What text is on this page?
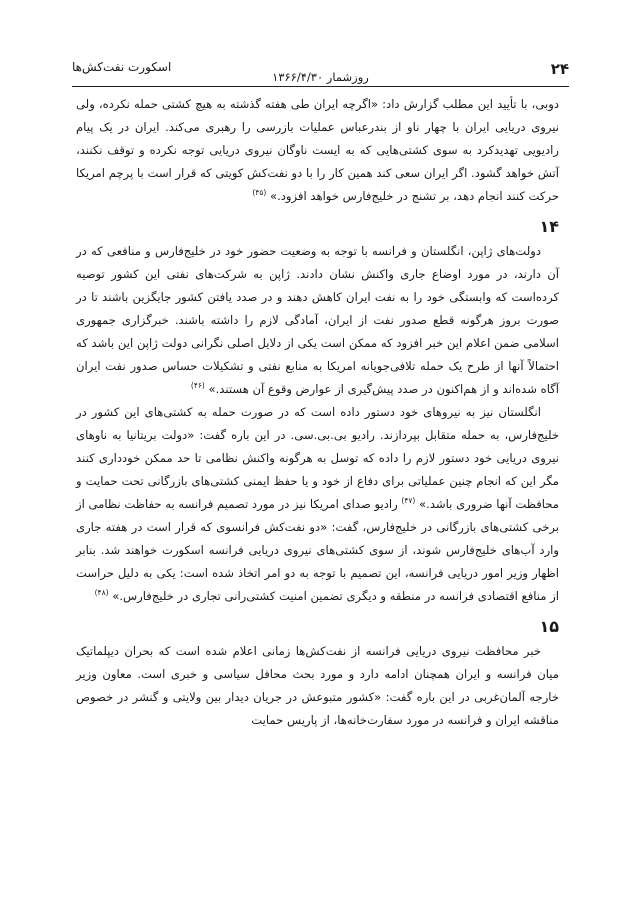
۲۴
روزشمار ۱۳۶۶/۴/۳۰
اسکورت نفت‌کش‌ها

دوبی، با تأیید این مطلب گزارش داد: «اگرچه ایران طی هفته گذشته به هیچ کشتی حمله نکرده، ولی نیروی دریایی ایران با چهار ناو از بندرعباس عملیات بازرسی را رهبری می‌کند. ایران در یک پیام رادیویی تهدیدکرد به سوی کشتی‌هایی که به ایست ناوگان نیروی دریایی توجه نکرده و توقف نکنند، آتش خواهد گشود. اگر ایران سعی کند همین کار را با دو نفت‌کش کویتی که قرار است با پرچم امریکا حرکت کنند انجام دهد، بر تشنج در خلیج‌فارس خواهد افزود.» $^{(۴۵)}$

۱۴

دولت‌های ژاپن، انگلستان و فرانسه با توجه به وضعیت حضور خود در خلیج‌فارس و منافعی که در آن دارند، در مورد اوضاع جاری واکنش نشان دادند. ژاپن به شرکت‌های نفتی این کشور توصیه کرده‌است که وابستگی خود را به نفت ایران کاهش دهند و در صدد یافتن کشور جایگزین باشند تا در صورت بروز هرگونه قطع صدور نفت از ایران، آمادگی لازم را داشته باشند. خبرگزاری جمهوری اسلامی ضمن اعلام این خبر افزود که ممکن است یکی از دلایل اصلی نگرانی دولت ژاپن این باشد که احتمالاً آنها از طرح یک حمله تلافی‌جویانه امریکا به منابع نفتی و تشکیلات حساس صدور نفت ایران آگاه شده‌اند و از هم‌اکنون در صدد پیش‌گیری از عوارض وقوع آن هستند.» $^{(۴۶)}$

انگلستان نیز به نیروهای خود دستور داده است که در صورت حمله به کشتی‌های این کشور در خلیج‌فارس، به حمله متقابل بپردازند. رادیو بی.بی.سی. در این باره گفت: «دولت بریتانیا به ناوهای نیروی دریایی خود دستور لازم را داده که توسل به هرگونه واکنش نظامی تا حد ممکن خودداری کنند مگر این که انجام چنین عملیاتی برای دفاع از خود و یا حفظ ایمنی کشتی‌های بازرگانی تحت حمایت و محافظت آنها ضروری باشد.» $^{(۴۷)}$ رادیو صدای امریکا نیز در مورد تصمیم فرانسه به حفاظت نظامی از برخی کشتی‌های بازرگانی در خلیج‌فارس، گفت: «دو نفت‌کش فرانسوی که قرار است در هفته جاری وارد آب‌های خلیج‌فارس شوند، از سوی کشتی‌های نیروی دریایی فرانسه اسکورت خواهند شد. بنابر اظهار وزیر امور دریایی فرانسه، این تصمیم با توجه به دو امر اتخاذ شده است: یکی به دلیل حراست از منافع اقتصادی فرانسه در منطقه و دیگری تضمین امنیت کشتی‌رانی تجاری در خلیج‌فارس.» $^{(۴۸)}$

۱۵

خبر محافظت نیروی دریایی فرانسه از نفت‌کش‌ها زمانی اعلام شده است که بحران دیپلماتیک میان فرانسه و ایران همچنان ادامه دارد و مورد بحث محافل سیاسی و خبری است. معاون وزیر خارجه آلمان‌غربی در این باره گفت: «کشور متبوعش در جریان دیدار بین ولایتی و گنشر در خصوص مناقشه ایران و فرانسه در مورد سفارت‌خانه‌ها، از پاریس حمایت
